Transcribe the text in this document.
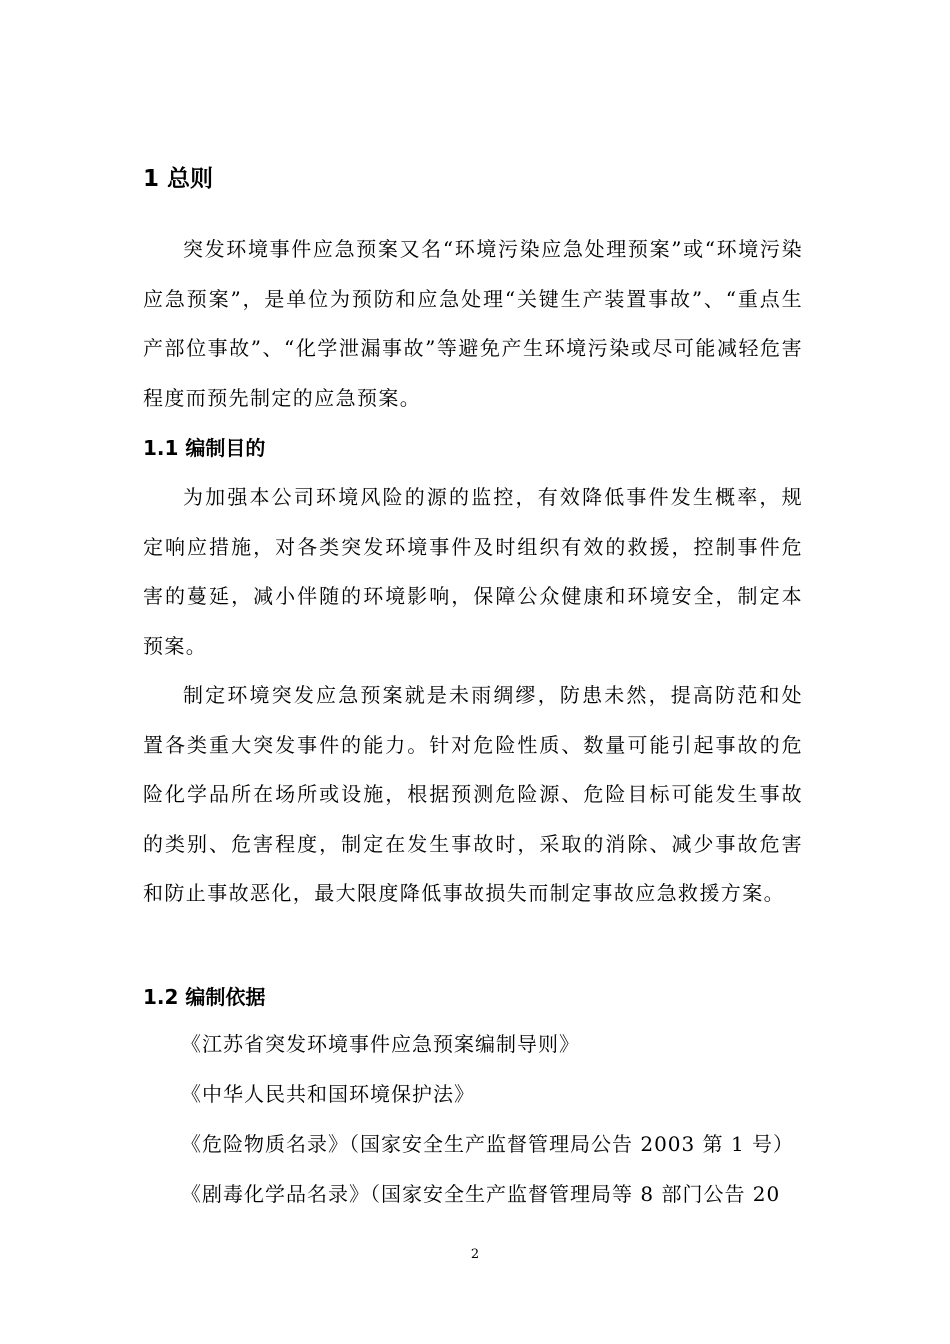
1 总则

突发环境事件应急预案又名“环境污染应急处理预案”或“环境污染应急预案”，是单位为预防和应急处理“关键生产装置事故”、“重点生产部位事故”、“化学泄漏事故”等避免产生环境污染或尽可能减轻危害程度而预先制定的应急预案。

1.1 编制目的

为加强本公司环境风险的源的监控，有效降低事件发生概率，规定响应措施，对各类突发环境事件及时组织有效的救援，控制事件危害的蔓延，减小伴随的环境影响，保障公众健康和环境安全，制定本预案。

制定环境突发应急预案就是未雨绸缪，防患未然，提高防范和处置各类重大突发事件的能力。针对危险性质、数量可能引起事故的危险化学品所在场所或设施，根据预测危险源、危险目标可能发生事故的类别、危害程度，制定在发生事故时，采取的消除、减少事故危害和防止事故恶化，最大限度降低事故损失而制定事故应急救援方案。

1.2 编制依据

《江苏省突发环境事件应急预案编制导则》

《中华人民共和国环境保护法》

《危险物质名录》（国家安全生产监督管理局公告 2003 第 1 号）

《剧毒化学品名录》（国家安全生产监督管理局等 8 部门公告 20

2
